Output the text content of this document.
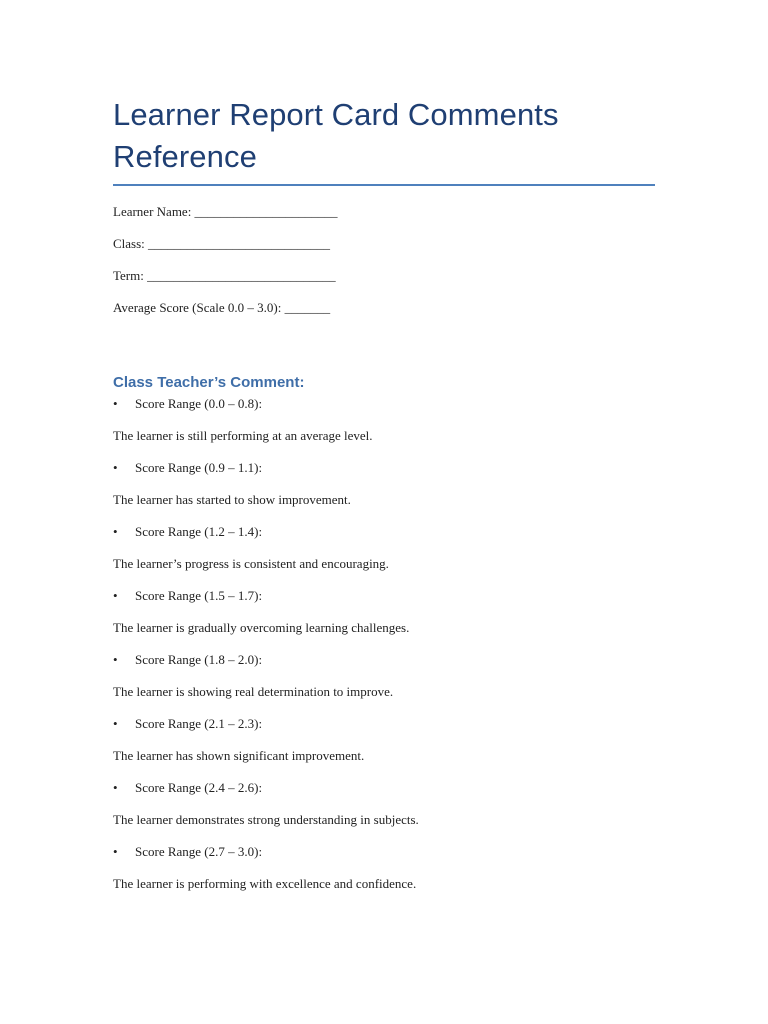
Learner Report Card Comments Reference

Learner Name: ______________________

Class: ____________________________

Term: _____________________________

Average Score (Scale 0.0 – 3.0): _______

Class Teacher’s Comment:

•	Score Range (0.0 – 0.8):

The learner is still performing at an average level.

•	Score Range (0.9 – 1.1):

The learner has started to show improvement.

•	Score Range (1.2 – 1.4):

The learner’s progress is consistent and encouraging.

•	Score Range (1.5 – 1.7):

The learner is gradually overcoming learning challenges.

•	Score Range (1.8 – 2.0):

The learner is showing real determination to improve.

•	Score Range (2.1 – 2.3):

The learner has shown significant improvement.

•	Score Range (2.4 – 2.6):

The learner demonstrates strong understanding in subjects.

•	Score Range (2.7 – 3.0):

The learner is performing with excellence and confidence.
